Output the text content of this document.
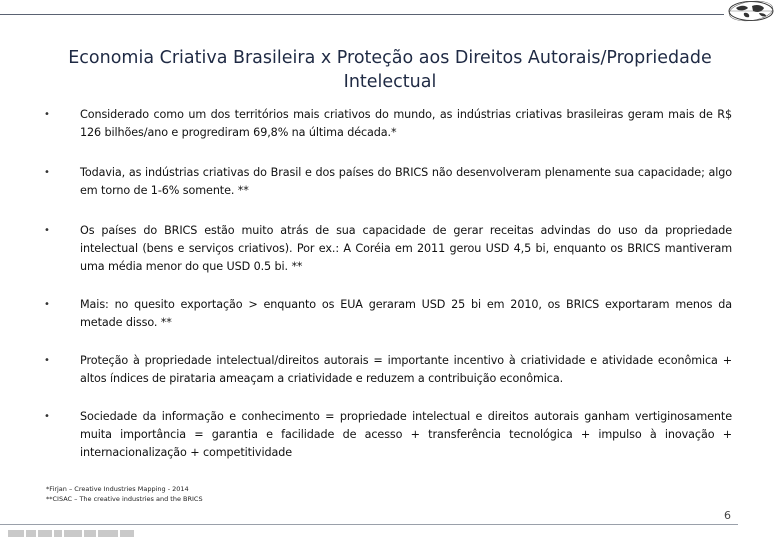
Economia Criativa Brasileira x Proteção aos Direitos Autorais/Propriedade Intelectual
•	Considerado como um dos territórios mais criativos do mundo, as indústrias criativas brasileiras geram mais de R$ 126 bilhões/ano e progrediram 69,8% na última década.*
•	Todavia, as indústrias criativas do Brasil e dos países do BRICS não desenvolveram plenamente sua capacidade; algo em torno de 1-6% somente. **
•	Os países do BRICS estão muito atrás de sua capacidade de gerar receitas advindas do uso da propriedade intelectual (bens e serviços criativos). Por ex.: A Coréia em 2011 gerou USD 4,5 bi, enquanto os BRICS mantiveram uma média menor do que USD 0.5 bi. **
•	Mais: no quesito exportação > enquanto os EUA geraram USD 25 bi em 2010, os BRICS exportaram menos da metade disso. **
•	Proteção à propriedade intelectual/direitos autorais = importante incentivo à criatividade e atividade econômica + altos índices de pirataria ameaçam a criatividade e reduzem a contribuição econômica.
•	Sociedade da informação e conhecimento = propriedade intelectual e direitos autorais ganham vertiginosamente muita importância = garantia e facilidade de acesso + transferência tecnológica + impulso à inovação + internacionalização + competitividade
*Firjan – Creative Industries Mapping - 2014
**CISAC – The creative industries and the BRICS
6
